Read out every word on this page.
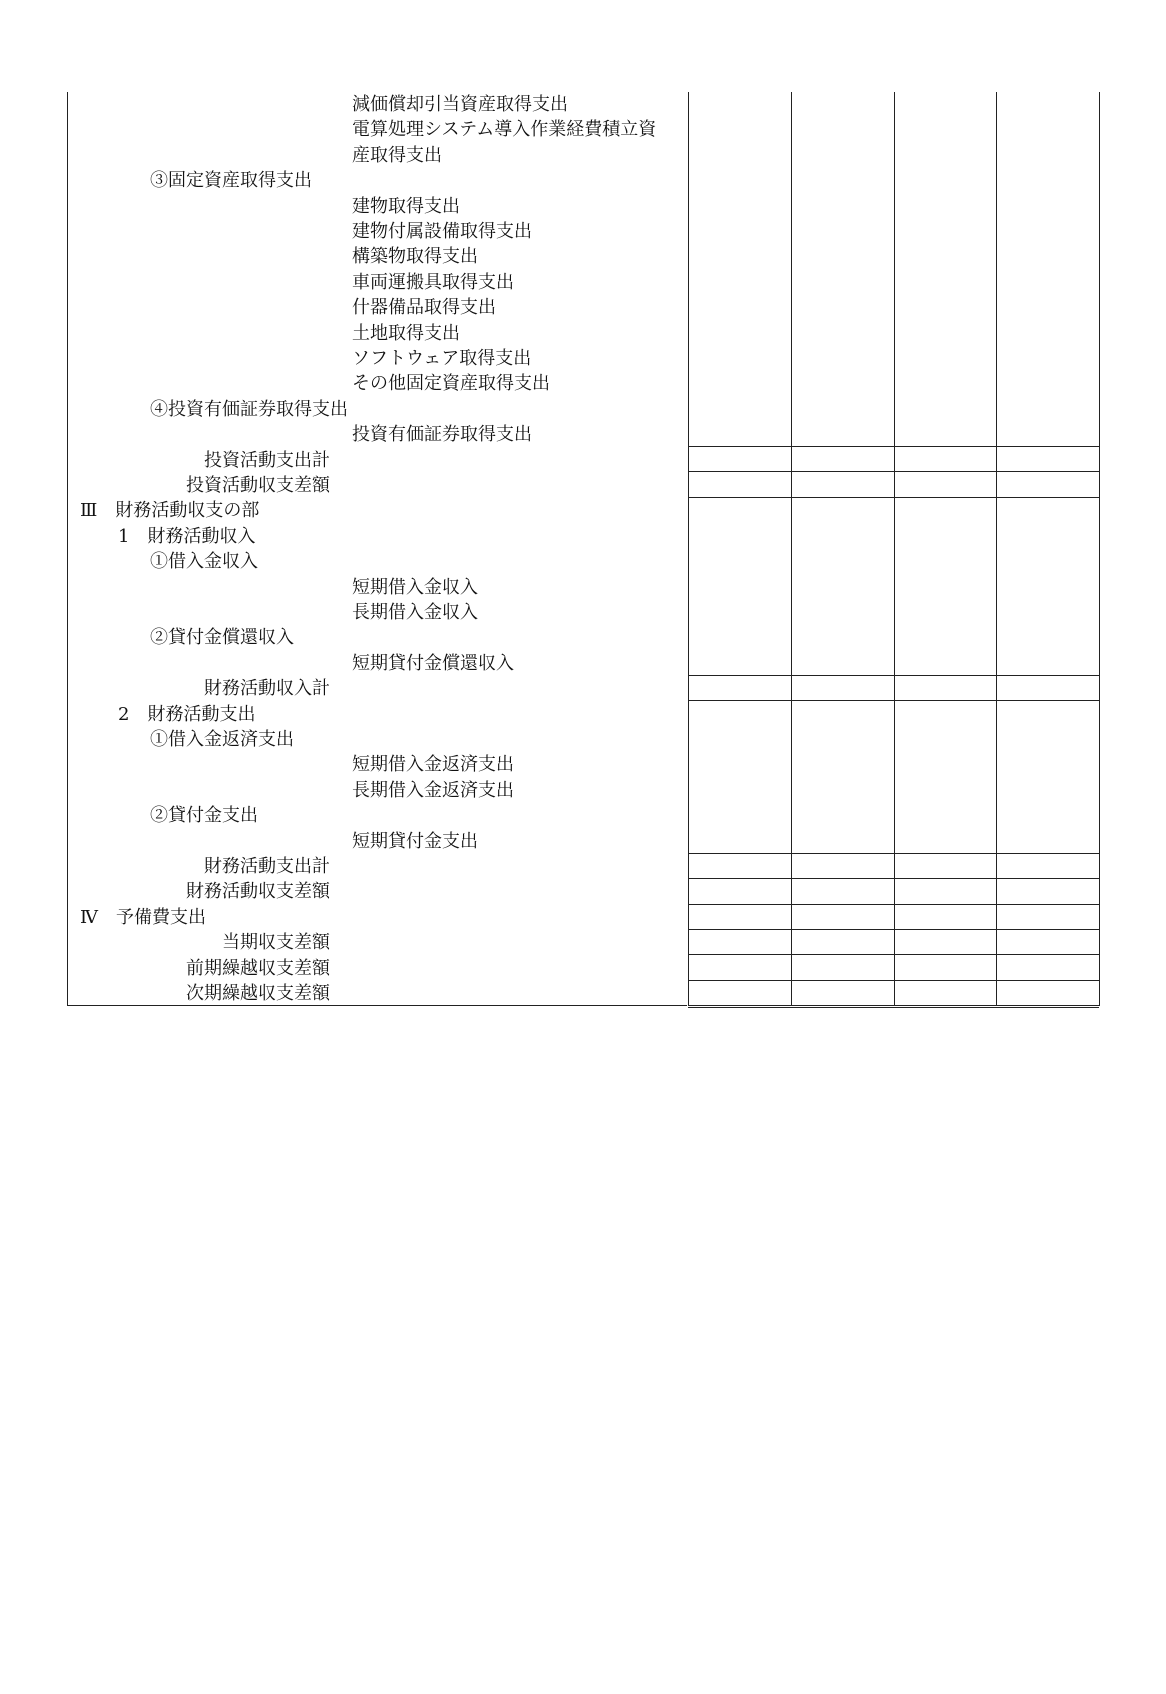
減価償却引当資産取得支出
電算処理システム導入作業経費積立資
産取得支出
③固定資産取得支出
建物取得支出
建物付属設備取得支出
構築物取得支出
車両運搬具取得支出
什器備品取得支出
土地取得支出
ソフトウェア取得支出
その他固定資産取得支出
④投資有価証券取得支出
投資有価証券取得支出
投資活動支出計
投資活動収支差額
Ⅲ　財務活動収支の部
1　財務活動収入
①借入金収入
短期借入金収入
長期借入金収入
②貸付金償還収入
短期貸付金償還収入
財務活動収入計
2　財務活動支出
①借入金返済支出
短期借入金返済支出
長期借入金返済支出
②貸付金支出
短期貸付金支出
財務活動支出計
財務活動収支差額
Ⅳ　予備費支出
当期収支差額
前期繰越収支差額
次期繰越収支差額
